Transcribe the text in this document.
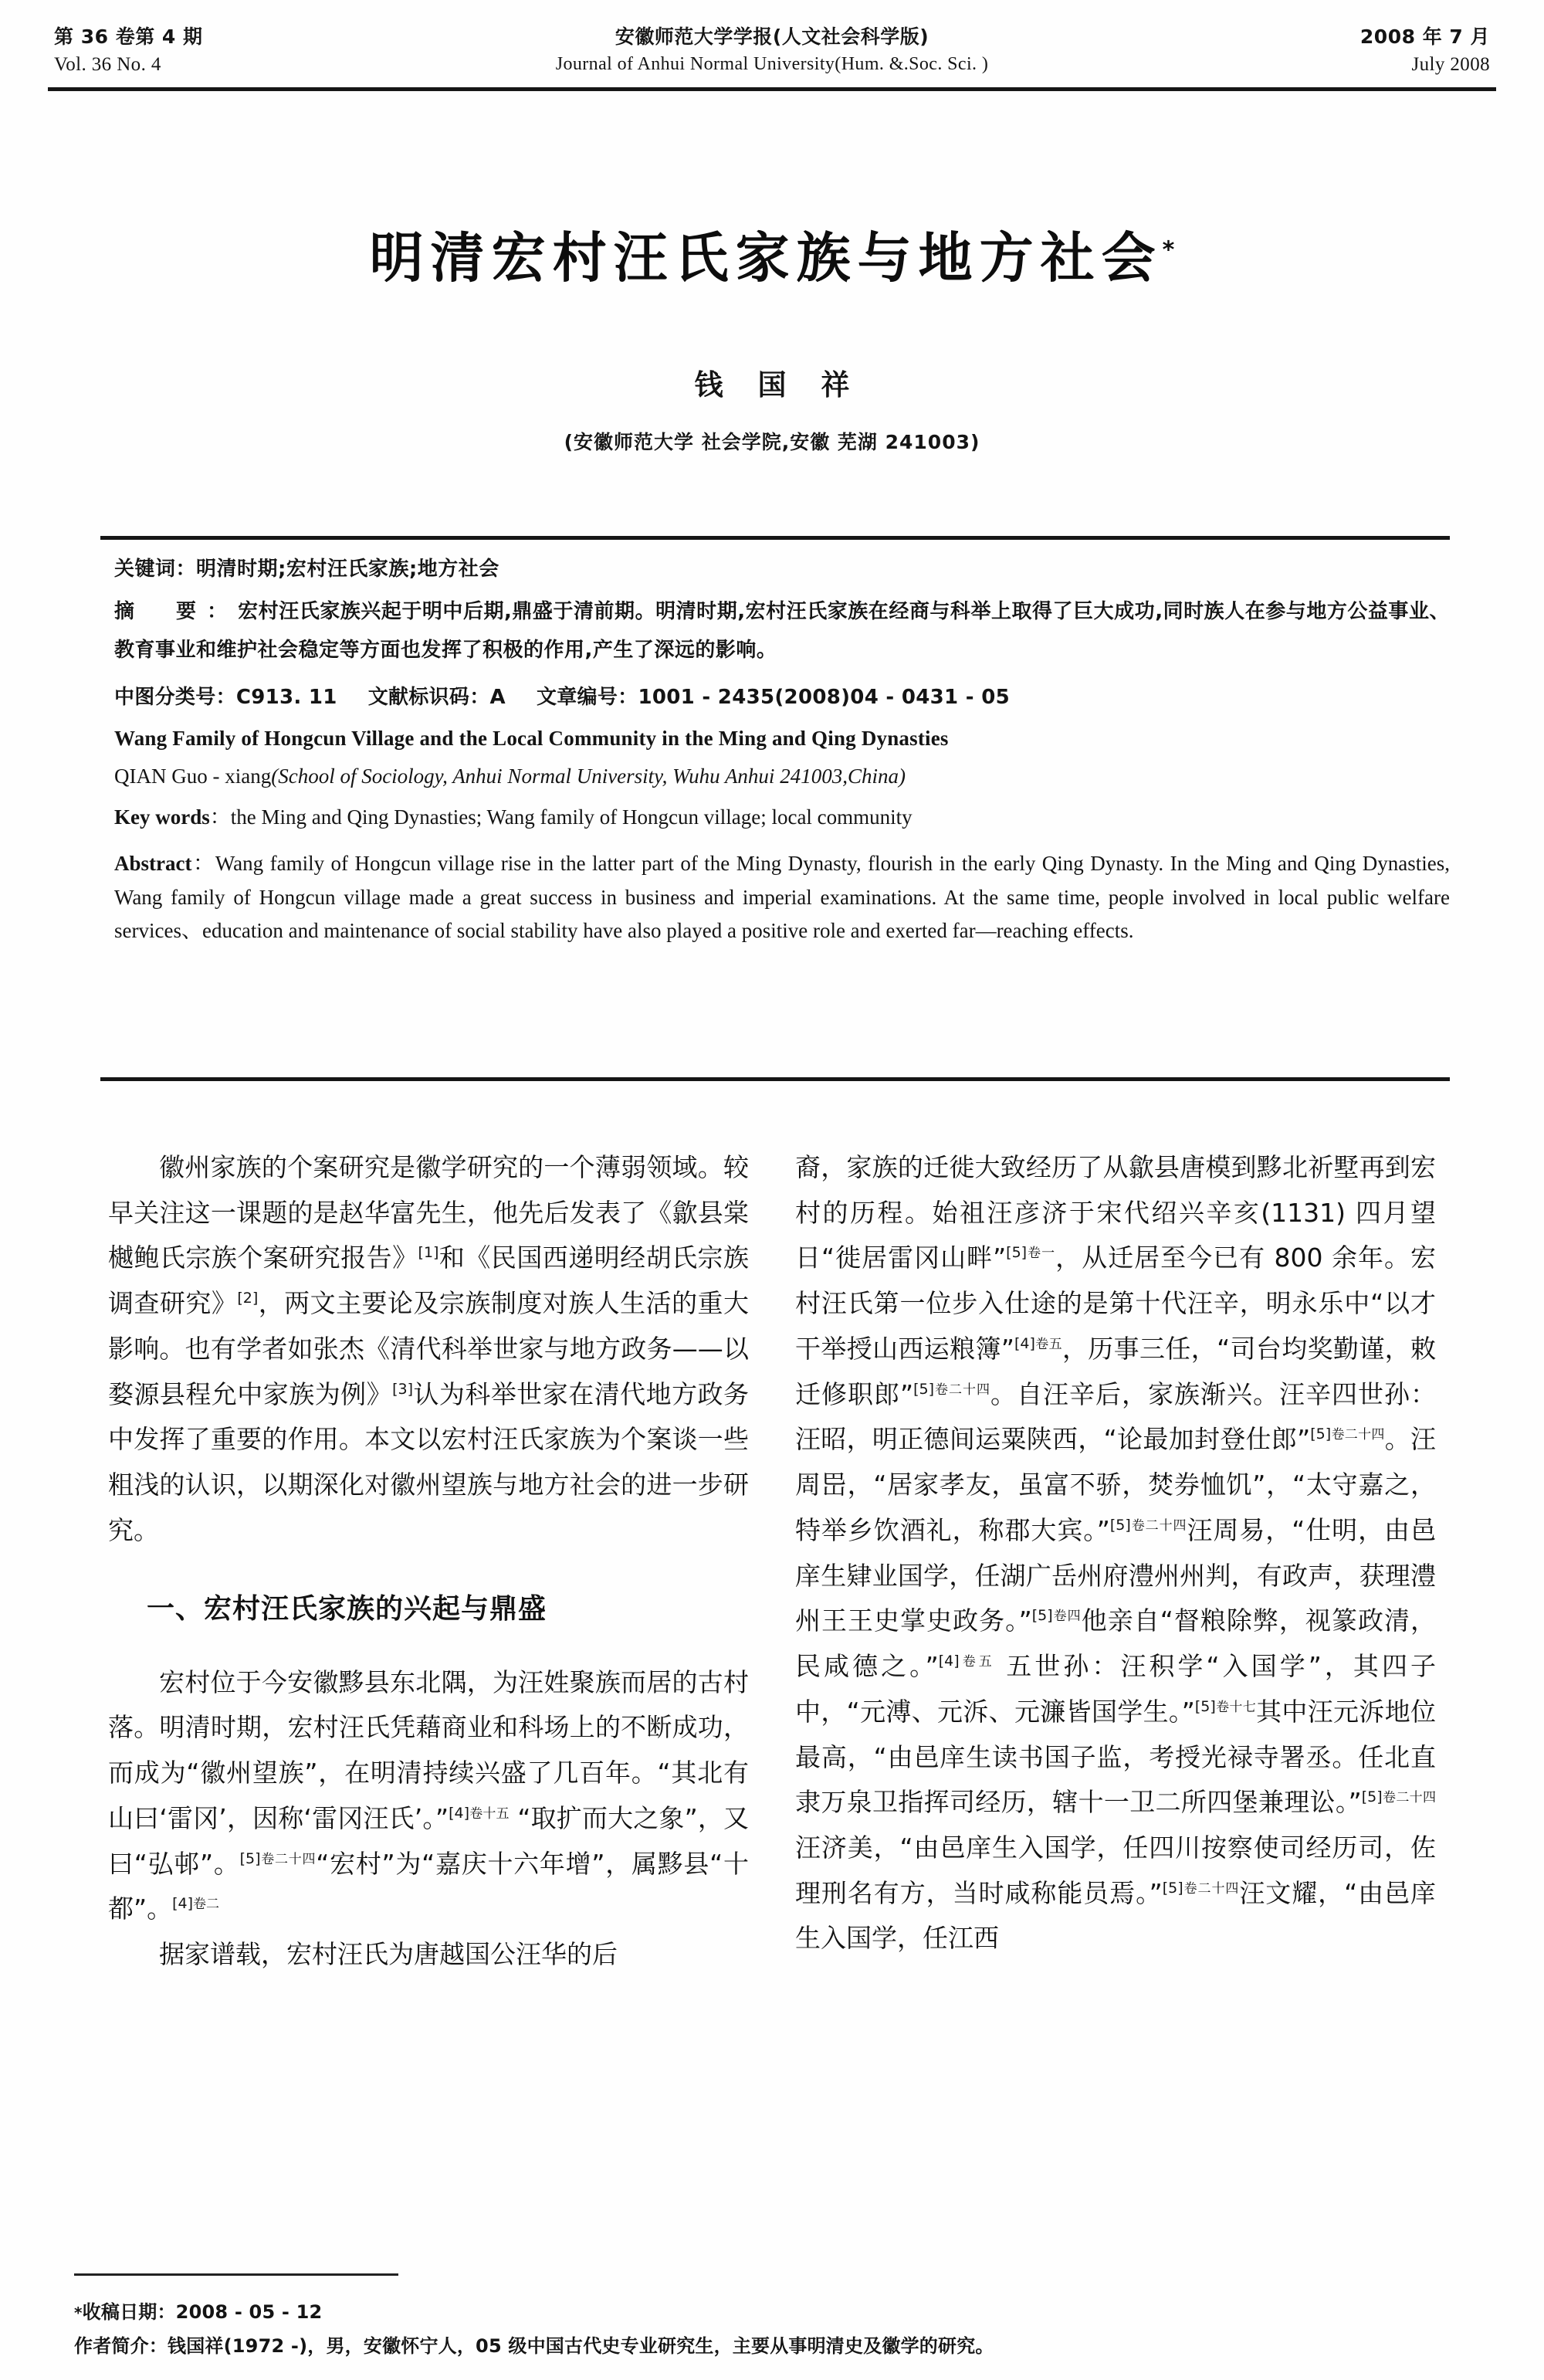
第 36 卷第 4 期
Vol. 36 No. 4
安徽师范大学学报(人文社会科学版)
Journal of Anhui Normal University(Hum. &.Soc. Sci. )
2008 年 7 月
July 2008
明清宏村汪氏家族与地方社会*
钱 国 祥
(安徽师范大学 社会学院,安徽 芜湖 241003)
关键词：明清时期;宏村汪氏家族;地方社会
摘　要：宏村汪氏家族兴起于明中后期,鼎盛于清前期。明清时期,宏村汪氏家族在经商与科举上取得了巨大成功,同时族人在参与地方公益事业、教育事业和维护社会稳定等方面也发挥了积极的作用,产生了深远的影响。
中图分类号：C913. 11 文献标识码：A 文章编号：1001 - 2435(2008)04 - 0431 - 05
Wang Family of Hongcun Village and the Local Community in the Ming and Qing Dynasties
QIAN Guo - xiang(School of Sociology, Anhui Normal University, Wuhu Anhui 241003,China)
Key words：the Ming and Qing Dynasties; Wang family of Hongcun village; local community
Abstract：Wang family of Hongcun village rise in the latter part of the Ming Dynasty, flourish in the early Qing Dynasty. In the Ming and Qing Dynasties, Wang family of Hongcun village made a great success in business and imperial examinations. At the same time, people involved in local public welfare services、education and maintenance of social stability have also played a positive role and exerted far—reaching effects.

徽州家族的个案研究是徽学研究的一个薄弱领域。较早关注这一课题的是赵华富先生，他先后发表了《歙县棠樾鲍氏宗族个案研究报告》[1]和《民国西递明经胡氏宗族调查研究》[2]，两文主要论及宗族制度对族人生活的重大影响。也有学者如张杰《清代科举世家与地方政务——以婺源县程允中家族为例》[3]认为科举世家在清代地方政务中发挥了重要的作用。本文以宏村汪氏家族为个案谈一些粗浅的认识，以期深化对徽州望族与地方社会的进一步研究。

一、宏村汪氏家族的兴起与鼎盛

宏村位于今安徽黟县东北隅，为汪姓聚族而居的古村落。明清时期，宏村汪氏凭藉商业和科场上的不断成功，而成为“徽州望族”，在明清持续兴盛了几百年。“其北有山曰‘雷冈’，因称‘雷冈汪氏’。”$^{[4]卷十五}$ “取扩而大之象”，又曰“弘邨”。$^{[5]卷二十四}$“宏村”为“嘉庆十六年增”，属黟县“十都”。$^{[4]卷二}$

据家谱载，宏村汪氏为唐越国公汪华的后

裔，家族的迁徙大致经历了从歙县唐模到黟北祈墅再到宏村的历程。始祖汪彦济于宋代绍兴辛亥(1131) 四月望日“徙居雷冈山畔”$^{[5]卷一}$，从迁居至今已有 800 余年。宏村汪氏第一位步入仕途的是第十代汪辛，明永乐中“以才干举授山西运粮簿”$^{[4]卷五}$，历事三任，“司台均奖勤谨，敕迁修职郎”$^{[5]卷二十四}$。自汪辛后，家族渐兴。汪辛四世孙：汪昭，明正德间运粟陕西，“论最加封登仕郎”$^{[5]卷二十四}$。汪周岊，“居家孝友，虽富不骄，焚券恤饥”，“太守嘉之，特举乡饮酒礼，称郡大宾。”$^{[5]卷二十四}$汪周易，“仕明，由邑庠生肄业国学，任湖广岳州府澧州州判，有政声，获理澧州王王史掌史政务。”$^{[5]卷四}$他亲自“督粮除弊，视篆政清，民咸德之。”$^{[4]卷五}$ 五世孙：汪积学“入国学”，其四子中，“元溥、元泝、元濂皆国学生。”$^{[5]卷十七}$其中汪元泝地位最高，“由邑庠生读书国子监，考授光禄寺署丞。任北直隶万泉卫指挥司经历，辖十一卫二所四堡兼理讼。”$^{[5]卷二十四}$汪济美，“由邑庠生入国学，任四川按察使司经历司，佐理刑名有方，当时咸称能员焉。”$^{[5]卷二十四}$汪文耀，“由邑庠生入国学，任江西

*收稿日期：2008 - 05 - 12
作者简介：钱国祥(1972 -)，男，安徽怀宁人，05 级中国古代史专业研究生，主要从事明清史及徽学的研究。
